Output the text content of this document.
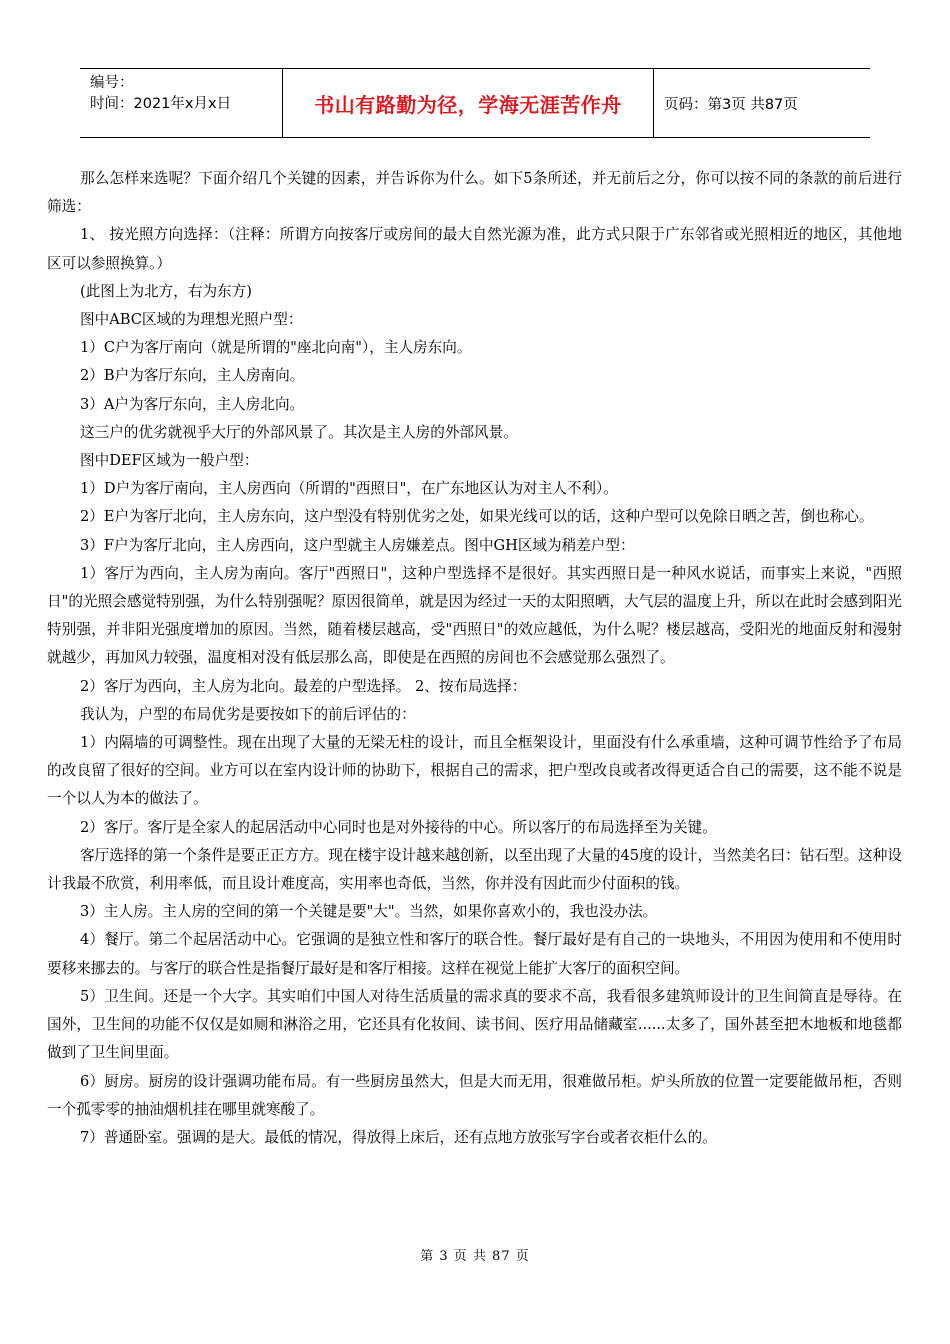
编号：
时间：2021年x月x日	书山有路勤为径，学海无涯苦作舟	页码：第3页 共87页

那么怎样来选呢？下面介绍几个关键的因素，并告诉你为什么。如下5条所述，并无前后之分，你可以按不同的条款的前后进行筛选：

1、 按光照方向选择：（注释：所谓方向按客厅或房间的最大自然光源为准，此方式只限于广东邻省或光照相近的地区，其他地区可以参照换算。）

(此图上为北方，右为东方)

图中ABC区域的为理想光照户型：

1）C户为客厅南向（就是所谓的"座北向南"），主人房东向。

2）B户为客厅东向，主人房南向。

3）A户为客厅东向，主人房北向。

这三户的优劣就视乎大厅的外部风景了。其次是主人房的外部风景。

图中DEF区域为一般户型：

1）D户为客厅南向，主人房西向（所谓的"西照日"，在广东地区认为对主人不利）。

2）E户为客厅北向，主人房东向，这户型没有特别优劣之处，如果光线可以的话，这种户型可以免除日晒之苦，倒也称心。

3）F户为客厅北向，主人房西向，这户型就主人房嫌差点。图中GH区域为稍差户型：

1）客厅为西向，主人房为南向。客厅"西照日"，这种户型选择不是很好。其实西照日是一种风水说话，而事实上来说，"西照日"的光照会感觉特别强，为什么特别强呢？原因很简单，就是因为经过一天的太阳照晒，大气层的温度上升，所以在此时会感到阳光特别强，并非阳光强度增加的原因。当然，随着楼层越高，受"西照日"的效应越低，为什么呢？楼层越高，受阳光的地面反射和漫射就越少，再加风力较强，温度相对没有低层那么高，即使是在西照的房间也不会感觉那么强烈了。

2）客厅为西向，主人房为北向。最差的户型选择。 2、按布局选择：

我认为，户型的布局优劣是要按如下的前后评估的：

1）内隔墙的可调整性。现在出现了大量的无梁无柱的设计，而且全框架设计，里面没有什么承重墙，这种可调节性给予了布局的改良留了很好的空间。业方可以在室内设计师的协助下，根据自己的需求，把户型改良或者改得更适合自己的需要，这不能不说是一个以人为本的做法了。

2）客厅。客厅是全家人的起居活动中心同时也是对外接待的中心。所以客厅的布局选择至为关键。

客厅选择的第一个条件是要正正方方。现在楼宇设计越来越创新，以至出现了大量的45度的设计，当然美名曰：钻石型。这种设计我最不欣赏，利用率低，而且设计难度高，实用率也奇低，当然，你并没有因此而少付面积的钱。

3）主人房。主人房的空间的第一个关键是要"大"。当然，如果你喜欢小的，我也没办法。

4）餐厅。第二个起居活动中心。它强调的是独立性和客厅的联合性。餐厅最好是有自己的一块地头，不用因为使用和不使用时要移来挪去的。与客厅的联合性是指餐厅最好是和客厅相接。这样在视觉上能扩大客厅的面积空间。

5）卫生间。还是一个大字。其实咱们中国人对待生活质量的需求真的要求不高，我看很多建筑师设计的卫生间简直是辱待。在国外，卫生间的功能不仅仅是如厕和淋浴之用，它还具有化妆间、读书间、医疗用品储藏室......太多了，国外甚至把木地板和地毯都做到了卫生间里面。

6）厨房。厨房的设计强调功能布局。有一些厨房虽然大，但是大而无用，很难做吊柜。炉头所放的位置一定要能做吊柜，否则一个孤零零的抽油烟机挂在哪里就寒酸了。

7）普通卧室。强调的是大。最低的情况，得放得上床后，还有点地方放张写字台或者衣柜什么的。

第 3 页 共 87 页
